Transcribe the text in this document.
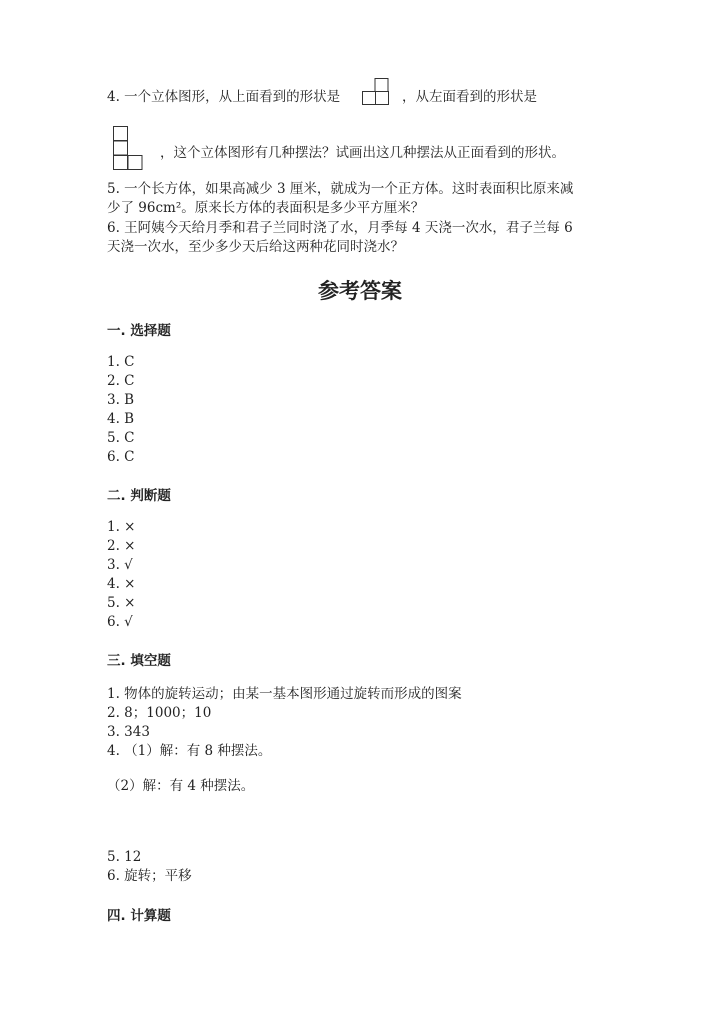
4. 一个立体图形，从上面看到的形状是	，从左面看到的形状是
，这个立体图形有几种摆法？试画出这几种摆法从正面看到的形状。
5. 一个长方体，如果高减少 3 厘米，就成为一个正方体。这时表面积比原来减
少了 96cm²。原来长方体的表面积是多少平方厘米？
6. 王阿姨今天给月季和君子兰同时浇了水，月季每 4 天浇一次水，君子兰每 6
天浇一次水，至少多少天后给这两种花同时浇水？
参考答案
一. 选择题
1. C
2. C
3. B
4. B
5. C
6. C
二. 判断题
1. ×
2. ×
3. √
4. ×
5. ×
6. √
三. 填空题
1. 物体的旋转运动；由某一基本图形通过旋转而形成的图案
2. 8；1000；10
3. 343
4. （1）解：有 8 种摆法。
（2）解：有 4 种摆法。
5. 12
6. 旋转；平移
四. 计算题
